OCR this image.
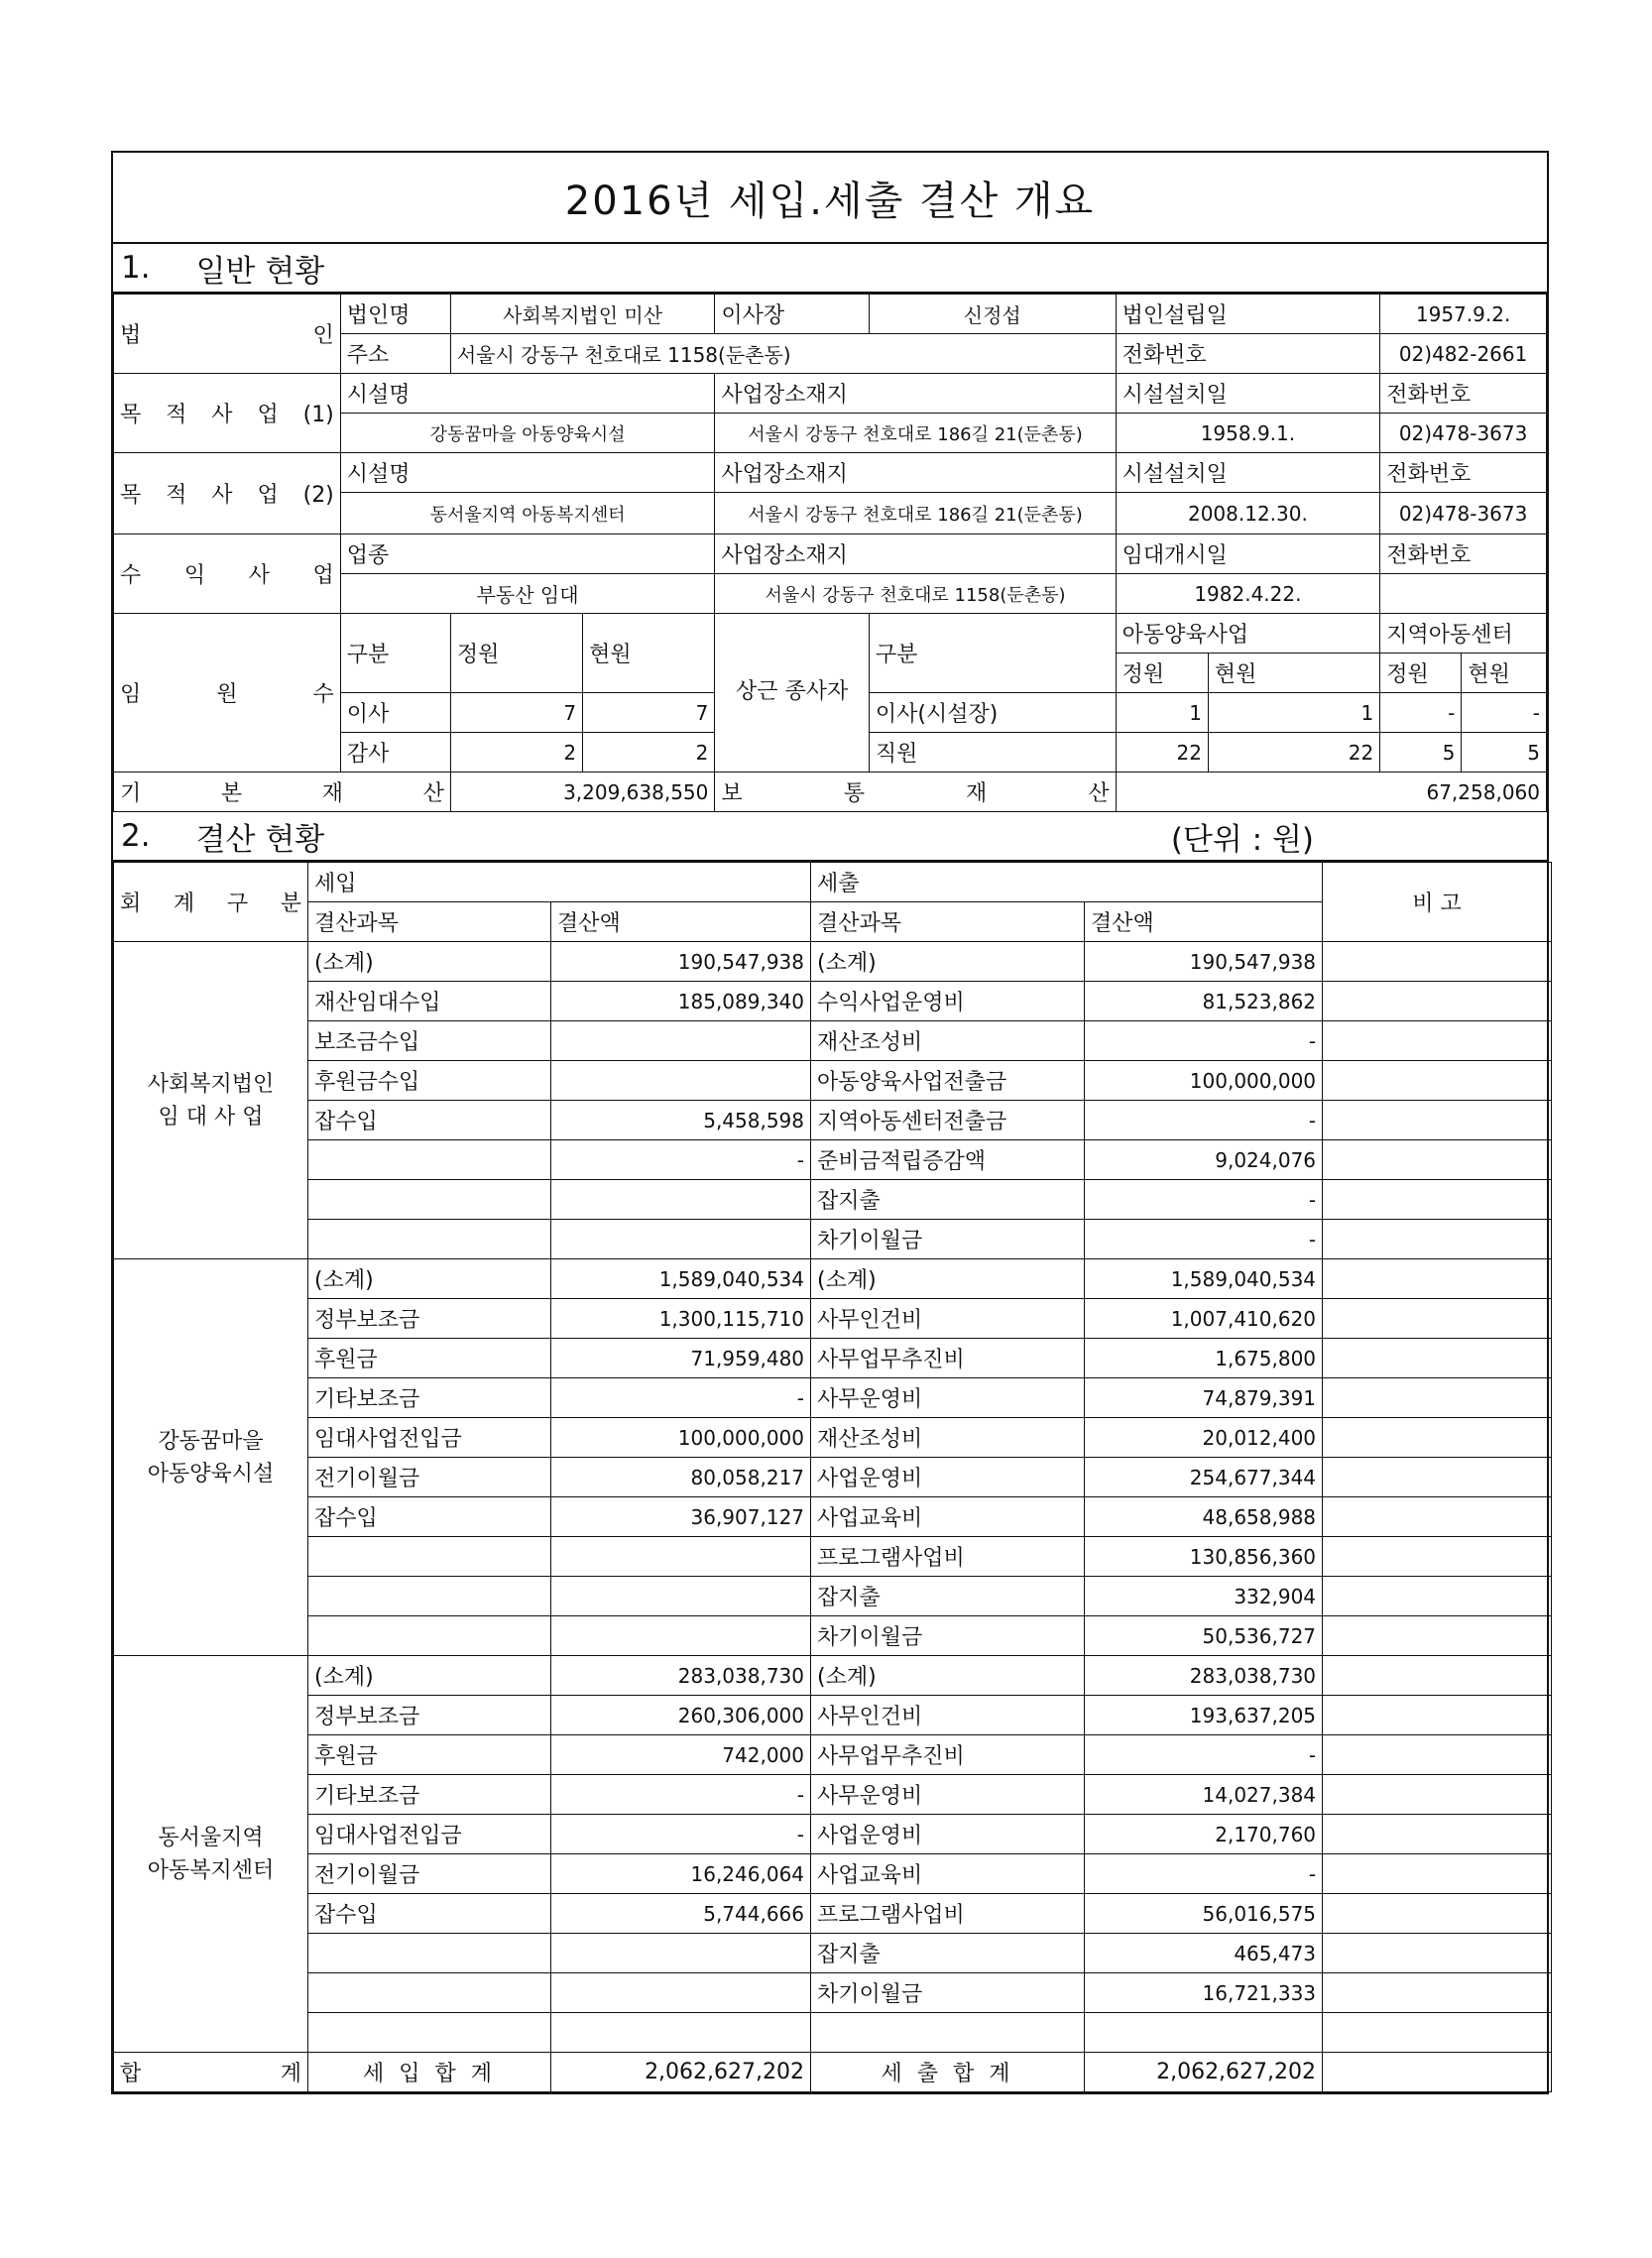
2016년 세입.세출 결산 개요
1. 일반 현황
법 인	법인명	사회복지법인 미산		이사장	신정섭	법인설립일		1957.9.2.	
	주소	서울시 강동구 천호대로 1158(둔촌동)				전화번호		02)482-2661	
목 적 사 업 (1)	시설명			사업장소재지		시설설치일		전화번호	
	강동꿈마을 아동양육시설			서울시 강동구 천호대로 186길 21(둔촌동)		1958.9.1.		02)478-3673	
목 적 사 업 (2)	시설명			사업장소재지		시설설치일		전화번호	
	동서울지역 아동복지센터			서울시 강동구 천호대로 186길 21(둔촌동)		2008.12.30.		02)478-3673	
수 익 사 업	업종			사업장소재지		임대개시일		전화번호	
	부동산 임대			서울시 강동구 천호대로 1158(둔촌동)		1982.4.22.			
임 원 수	구분	정원	현원	상근 종사자	구분	아동양육사업		지역아동센터	
						정원	현원	정원	현원
	이사	7	7		이사(시설장)	1	1	-	-
	감사	2	2		직원	22	22	5	5
기 본 재 산		3,209,638,550		보 통 재 산		67,258,060			
2. 결산 현황	(단위 : 원)
회 계 구 분	세입		세출		비 고
	결산과목	결산액	결산과목	결산액	

사회복지법인
임 대 사 업	(소계)	190,547,938	(소계)	190,547,938	
	재산임대수입	185,089,340	수익사업운영비	81,523,862	
	보조금수입		재산조성비	-	
	후원금수입		아동양육사업전출금	100,000,000	
	잡수입	5,458,598	지역아동센터전출금	-	
		-	준비금적립증감액	9,024,076	
			잡지출	-	
			차기이월금	-	

강동꿈마을
아동양육시설	(소계)	1,589,040,534	(소계)	1,589,040,534	
	정부보조금	1,300,115,710	사무인건비	1,007,410,620	
	후원금	71,959,480	사무업무추진비	1,675,800	
	기타보조금	-	사무운영비	74,879,391	
	임대사업전입금	100,000,000	재산조성비	20,012,400	
	전기이월금	80,058,217	사업운영비	254,677,344	
	잡수입	36,907,127	사업교육비	48,658,988	
			프로그램사업비	130,856,360	
			잡지출	332,904	
			차기이월금	50,536,727	

동서울지역
아동복지센터	(소계)	283,038,730	(소계)	283,038,730	
	정부보조금	260,306,000	사무인건비	193,637,205	
	후원금	742,000	사무업무추진비	-	
	기타보조금	-	사무운영비	14,027,384	
	임대사업전입금	-	사업운영비	2,170,760	
	전기이월금	16,246,064	사업교육비	-	
	잡수입	5,744,666	프로그램사업비	56,016,575	
			잡지출	465,473	
			차기이월금	16,721,333	

합 계	세 입 합 계	2,062,627,202	세 출 합 계	2,062,627,202	
